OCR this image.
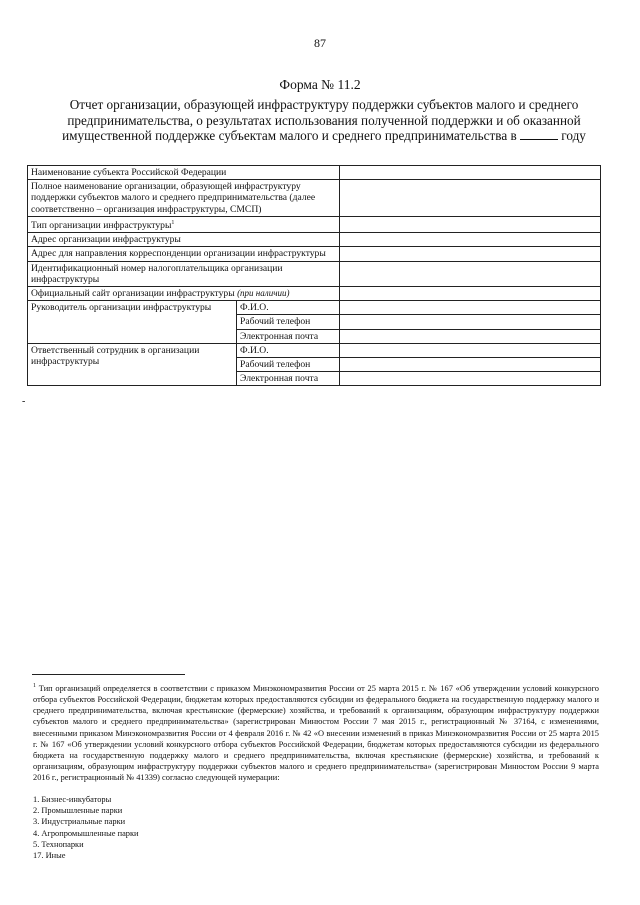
87
Форма № 11.2
Отчет организации, образующей инфраструктуру поддержки субъектов малого и среднего
предпринимательства, о результатах использования полученной поддержки и об оказанной
имущественной поддержке субъектам малого и среднего предпринимательства в	году
Наименование субъекта Российской Федерации		
Полное наименование организации, образующей инфраструктуру поддержки субъектов малого и среднего предпринимательства (далее соответственно – организация инфраструктуры, СМСП)		
Тип организации инфраструктуры$^1$	
Адрес организации инфраструктуры		
Адрес для направления корреспонденции организации инфраструктуры		
Идентификационный номер налогоплательщика организации инфраструктуры		
Официальный сайт организации инфраструктуры (при наличии)		
Руководитель организации инфраструктуры	Ф.И.О.	
	Рабочий телефон	
	Электронная почта	
Ответственный сотрудник в организации инфраструктуры	Ф.И.О.	
	Рабочий телефон	
	Электронная почта	
-
$^1$ Тип организаций определяется в соответствии с приказом Минэкономразвития России от 25 марта 2015 г. № 167 «Об утверждении условий конкурсного отбора субъектов Российской Федерации, бюджетам которых предоставляются субсидии из федерального бюджета на государственную поддержку малого и среднего предпринимательства, включая крестьянские (фермерские) хозяйства, и требований к организациям, образующим инфраструктуру поддержки субъектов малого и среднего предпринимательства» (зарегистрирован Минюстом России 7 мая 2015 г., регистрационный № 37164, с изменениями, внесенными приказом Минэкономразвития России от 4 февраля 2016 г. № 42 «О внесении изменений в приказ Минэкономразвития России от 25 марта 2015 г. № 167 «Об утверждении условий конкурсного отбора субъектов Российской Федерации, бюджетам которых предоставляются субсидии из федерального бюджета на государственную поддержку малого и среднего предпринимательства, включая крестьянские (фермерские) хозяйства, и требований к организациям, образующим инфраструктуру поддержки субъектов малого и среднего предпринимательства» (зарегистрирован Минюстом России 9 марта 2016 г., регистрационный № 41339) согласно следующей нумерации:
1. Бизнес-инкубаторы
2. Промышленные парки
3. Индустриальные парки
4. Агропромышленные парки
5. Технопарки
17. Иные
